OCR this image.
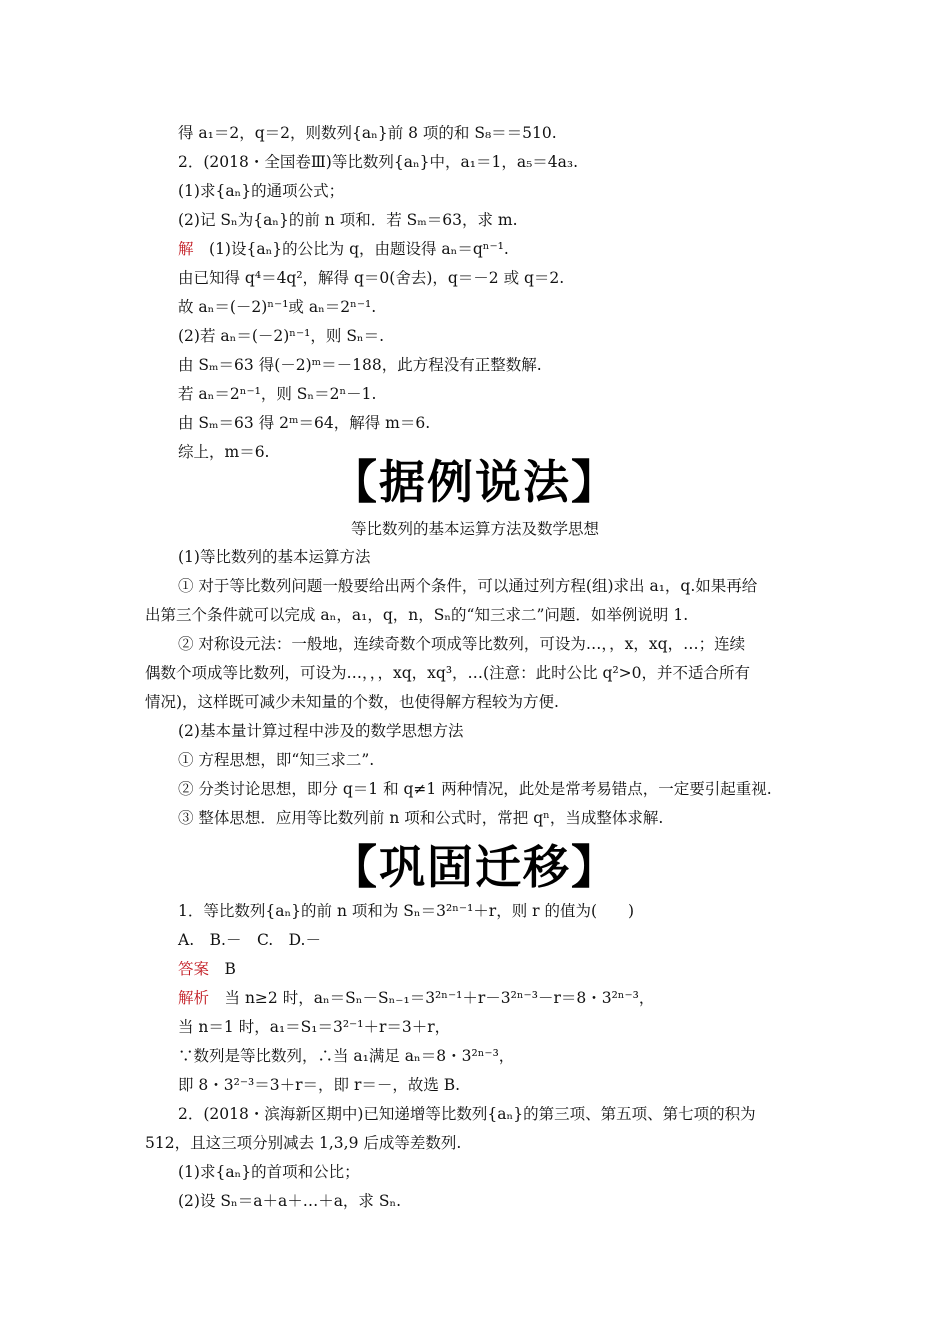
得 a₁＝2，q＝2，则数列{aₙ}前 8 项的和 S₈＝＝510.
2．(2018・全国卷Ⅲ)等比数列{aₙ}中，a₁＝1，a₅＝4a₃.
(1)求{aₙ}的通项公式；
(2)记 Sₙ为{aₙ}的前 n 项和．若 Sₘ＝63，求 m.
解　(1)设{aₙ}的公比为 q，由题设得 aₙ＝qⁿ⁻¹.
由已知得 q⁴＝4q²，解得 q＝0(舍去)，q＝－2 或 q＝2.
故 aₙ＝(－2)ⁿ⁻¹或 aₙ＝2ⁿ⁻¹.
(2)若 aₙ＝(－2)ⁿ⁻¹，则 Sₙ＝.
由 Sₘ＝63 得(－2)ᵐ＝－188，此方程没有正整数解.
若 aₙ＝2ⁿ⁻¹，则 Sₙ＝2ⁿ－1.
由 Sₘ＝63 得 2ᵐ＝64，解得 m＝6.
综上，m＝6.
【据例说法】
等比数列的基本运算方法及数学思想
(1)等比数列的基本运算方法
① 对于等比数列问题一般要给出两个条件，可以通过列方程(组)求出 a₁，q.如果再给
出第三个条件就可以完成 aₙ，a₁，q，n，Sₙ的“知三求二”问题．如举例说明 1.
② 对称设元法：一般地，连续奇数个项成等比数列，可设为…，，x，xq，…；连续
偶数个项成等比数列，可设为…，，，xq，xq³，…(注意：此时公比 q²>0，并不适合所有
情况)，这样既可减少未知量的个数，也使得解方程较为方便.
(2)基本量计算过程中涉及的数学思想方法
① 方程思想，即“知三求二”.
② 分类讨论思想，即分 q＝1 和 q≠1 两种情况，此处是常考易错点，一定要引起重视.
③ 整体思想．应用等比数列前 n 项和公式时，常把 qⁿ，当成整体求解.
【巩固迁移】
1．等比数列{aₙ}的前 n 项和为 Sₙ＝3²ⁿ⁻¹＋r，则 r 的值为(　　)
A.　B.－　C.　D.－
答案　B
解析　当 n≥2 时，aₙ＝Sₙ－Sₙ₋₁＝3²ⁿ⁻¹＋r－3²ⁿ⁻³－r＝8・3²ⁿ⁻³，
当 n＝1 时，a₁＝S₁＝3²⁻¹＋r＝3＋r，
∵数列是等比数列，∴当 a₁满足 aₙ＝8・3²ⁿ⁻³，
即 8・3²⁻³＝3＋r＝，即 r＝－，故选 B.
2．(2018・滨海新区期中)已知递增等比数列{aₙ}的第三项、第五项、第七项的积为
512，且这三项分别减去 1,3,9 后成等差数列.
(1)求{aₙ}的首项和公比；
(2)设 Sₙ＝a＋a＋…＋a，求 Sₙ.
